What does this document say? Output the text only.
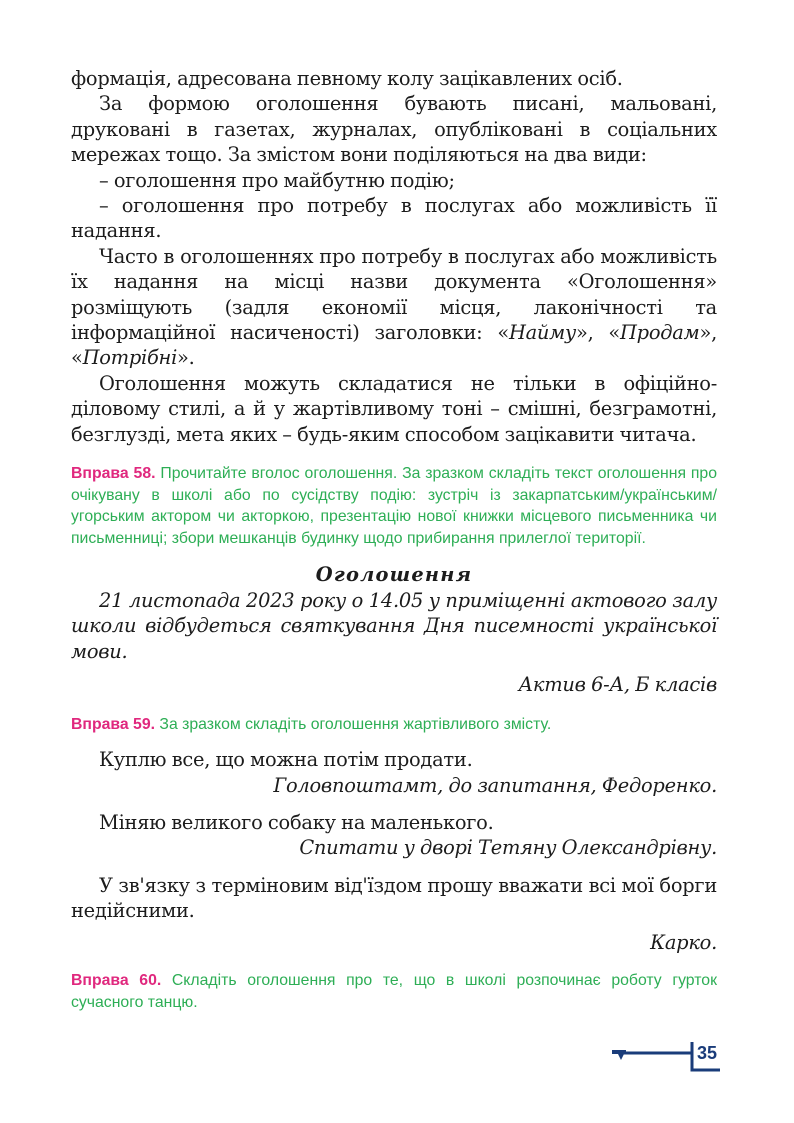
формація, адресована певному колу зацікавлених осіб.

За формою оголошення бувають писані, мальовані, друковані в газетах, журналах, опубліковані в соціальних мережах тощо. За змістом вони поділяються на два види:

– оголошення про майбутню подію;

– оголошення про потребу в послугах або можливість її надання.

Часто в оголошеннях про потребу в послугах або можливість їх надання на місці назви документа «Оголошення» розміщують (задля економії місця, лаконічності та інформаційної насиченості) заголовки: «Найму», «Продам», «Потрібні».

Оголошення можуть складатися не тільки в офіційно-діловому стилі, а й у жартівливому тоні – смішні, безграмотні, безглузді, мета яких – будь-яким способом зацікавити читача.

Вправа 58. Прочитайте вголос оголошення. За зразком складіть текст оголошення про очікувану в школі або по сусідству подію: зустріч із закарпатським/українським/угорським актором чи акторкою, презентацію нової книжки місцевого письменника чи письменниці; збори мешканців будинку щодо прибирання прилеглої території.

Оголошення

21 листопада 2023 року о 14.05 у приміщенні актового залу школи відбудеться святкування Дня писемності української мови.

Актив 6-А, Б класів

Вправа 59. За зразком складіть оголошення жартівливого змісту.

Куплю все, що можна потім продати.

Головпоштамт, до запитання, Федоренко.

Міняю великого собаку на маленького.

Спитати у дворі Тетяну Олександрівну.

У зв'язку з терміновим від'їздом прошу вважати всі мої борги недійсними.

Карко.

Вправа 60. Складіть оголошення про те, що в школі розпочинає роботу гурток сучасного танцю.

35
